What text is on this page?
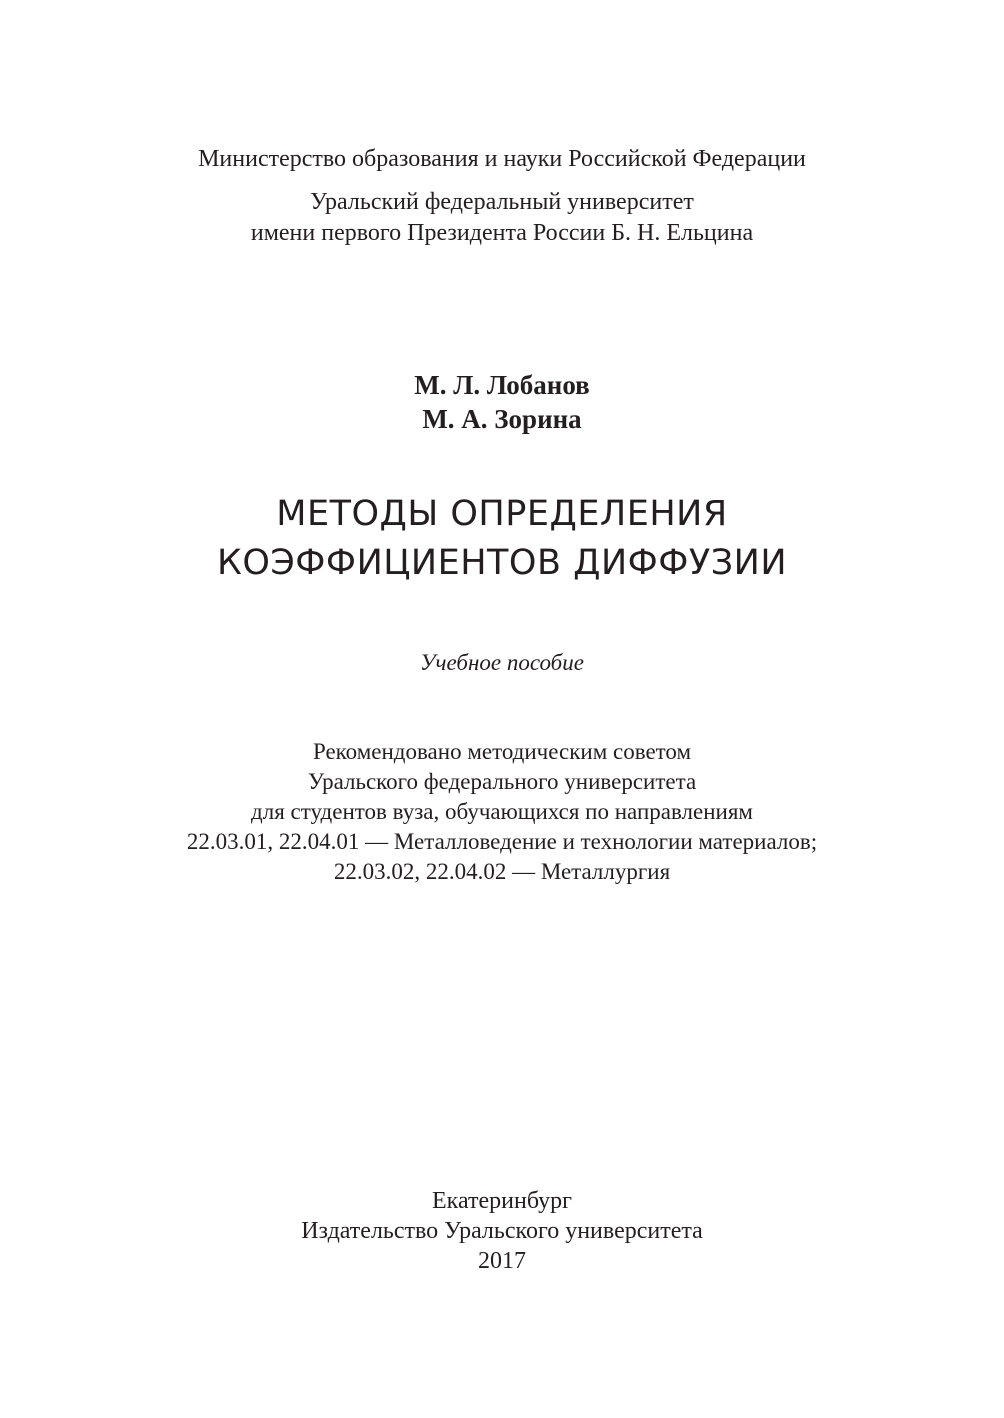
Министерство образования и науки Российской Федерации
Уральский федеральный университет
имени первого Президента России Б. Н. Ельцина
М. Л. Лобанов
М. А. Зорина
МЕТОДЫ ОПРЕДЕЛЕНИЯ
КОЭФФИЦИЕНТОВ ДИФФУЗИИ
Учебное пособие
Рекомендовано методическим советом
Уральского федерального университета
для студентов вуза, обучающихся по направлениям
22.03.01, 22.04.01 — Металловедение и технологии материалов;
22.03.02, 22.04.02 — Металлургия
Екатеринбург
Издательство Уральского университета
2017
